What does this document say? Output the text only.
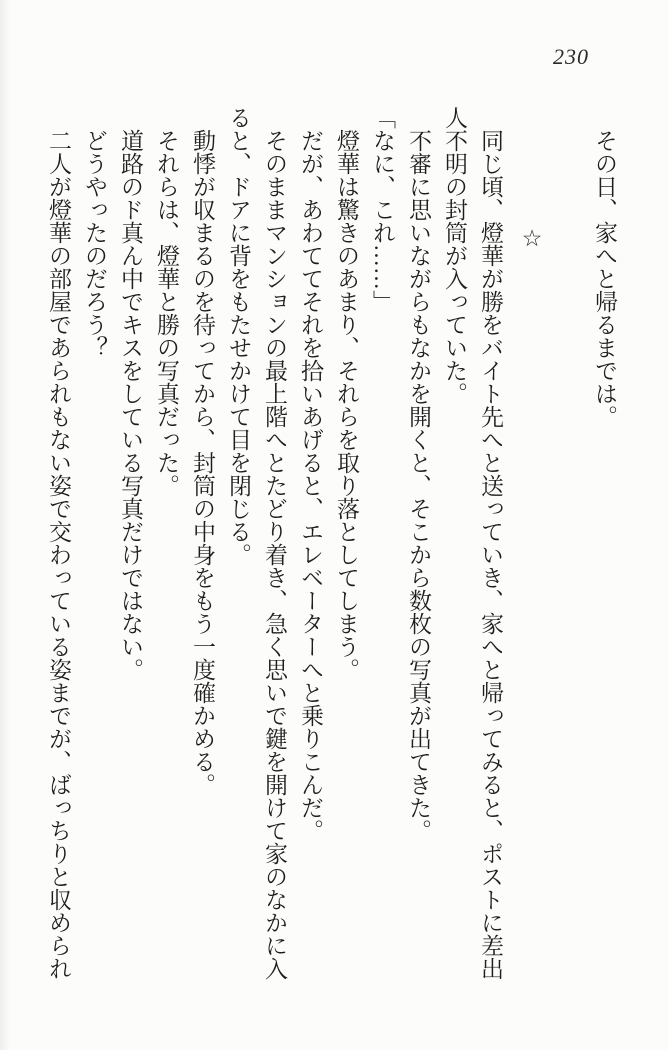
230
その日、家へと帰るまでは。
☆
同じ頃、燈華が勝をバイト先へと送っていき、家へと帰ってみると、ポストに差出
人不明の封筒が入っていた。
不審に思いながらもなかを開くと、そこから数枚の写真が出てきた。
「なに、これ……」
燈華は驚きのあまり、それらを取り落としてしまう。
だが、あわててそれを拾いあげると、エレベーターへと乗りこんだ。
そのままマンションの最上階へとたどり着き、急く思いで鍵を開けて家のなかに入
ると、ドアに背をもたせかけて目を閉じる。
動悸が収まるのを待ってから、封筒の中身をもう一度確かめる。
それらは、燈華と勝の写真だった。
道路のド真ん中でキスをしている写真だけではない。
どうやったのだろう？
二人が燈華の部屋であられもない姿で交わっている姿までが、ばっちりと収められ
